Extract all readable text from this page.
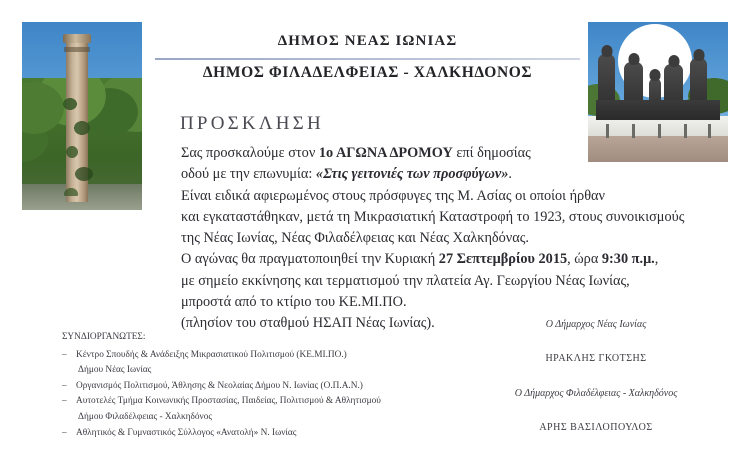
ΔΗΜΟΣ ΝΕΑΣ ΙΩΝΙΑΣ
ΔΗΜΟΣ ΦΙΛΑΔΕΛΦΕΙΑΣ - ΧΑΛΚΗΔΟΝΟΣ
ΠΡΟΣΚΛΗΣΗ
Σας προσκαλούμε στον 1ο ΑΓΩΝΑ ΔΡΟΜΟΥ επί δημοσίας
οδού με την επωνυμία: «Στις γειτονιές των προσφύγων».
Είναι ειδικά αφιερωμένος στους πρόσφυγες της Μ. Ασίας οι οποίοι ήρθαν
και εγκαταστάθηκαν, μετά τη Μικρασιατική Καταστροφή το 1923, στους συνοικισμούς
της Νέας Ιωνίας, Νέας Φιλαδέλφειας και Νέας Χαλκηδόνας.
Ο αγώνας θα πραγματοποιηθεί την Κυριακή 27 Σεπτεμβρίου 2015, ώρα 9:30 π.μ.,
με σημείο εκκίνησης και τερματισμού την πλατεία Αγ. Γεωργίου Νέας Ιωνίας,
μπροστά από το κτίριο του ΚΕ.ΜΙ.ΠΟ.
(πλησίον του σταθμού ΗΣΑΠ Νέας Ιωνίας).
ΣΥΝΔΙΟΡΓΑΝΩΤΕΣ:
– Κέντρο Σπουδής & Ανάδειξης Μικρασιατικού Πολιτισμού (ΚΕ.ΜΙ.ΠΟ.)
Δήμου Νέας Ιωνίας
– Οργανισμός Πολιτισμού, Άθλησης & Νεολαίας Δήμου Ν. Ιωνίας (Ο.Π.Α.Ν.)
– Αυτοτελές Τμήμα Κοινωνικής Προστασίας, Παιδείας, Πολιτισμού & Αθλητισμού
Δήμου Φιλαδέλφειας - Χαλκηδόνος
– Αθλητικός & Γυμναστικός Σύλλογος «Ανατολή» Ν. Ιωνίας
Ο Δήμαρχος Νέας Ιωνίας
ΗΡΑΚΛΗΣ ΓΚΟΤΣΗΣ
Ο Δήμαρχος Φιλαδέλφειας - Χαλκηδόνος
ΑΡΗΣ ΒΑΣΙΛΟΠΟΥΛΟΣ
